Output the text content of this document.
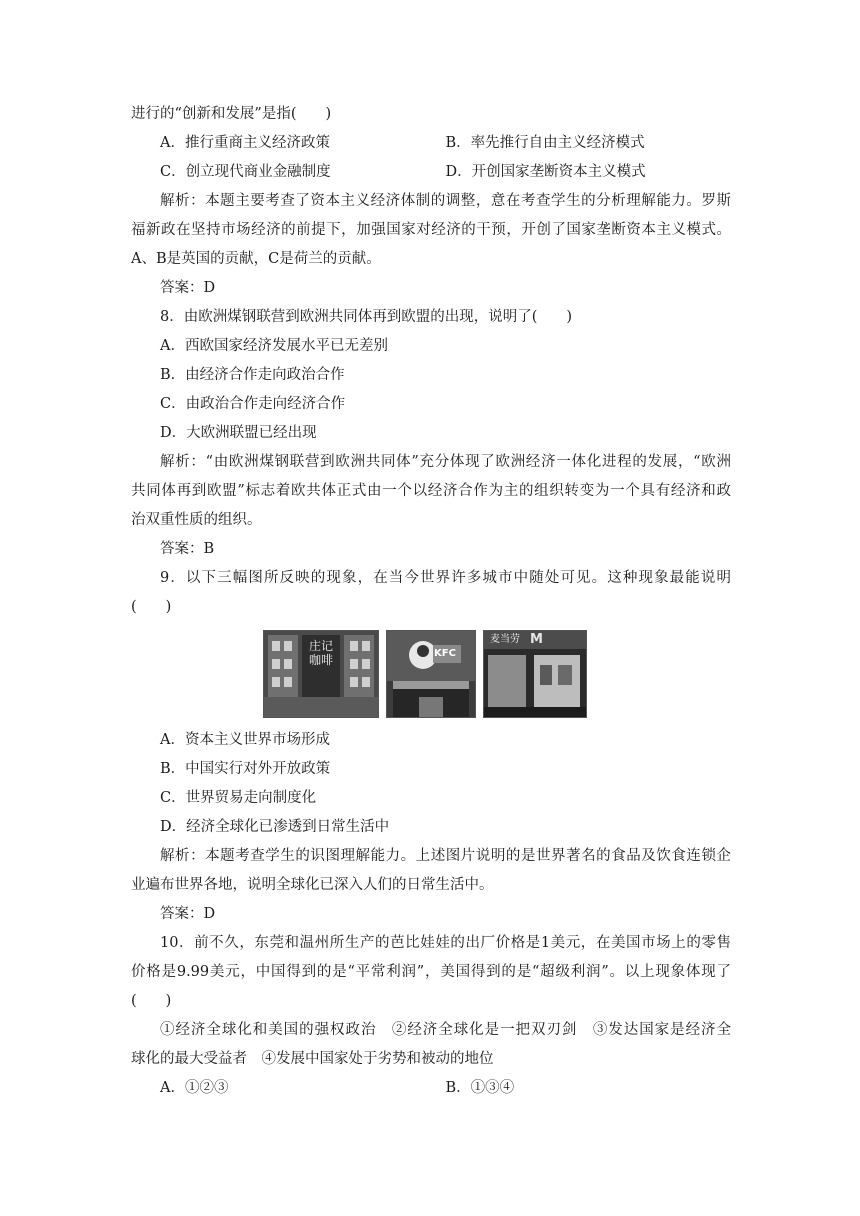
进行的“创新和发展”是指(　　)
A．推行重商主义经济政策	B．率先推行自由主义经济模式
C．创立现代商业金融制度	D．开创国家垄断资本主义模式
解析：本题主要考查了资本主义经济体制的调整，意在考查学生的分析理解能力。罗斯
福新政在坚持市场经济的前提下，加强国家对经济的干预，开创了国家垄断资本主义模式。
A、B是英国的贡献，C是荷兰的贡献。
答案：D
8．由欧洲煤钢联营到欧洲共同体再到欧盟的出现，说明了(　　)
A．西欧国家经济发展水平已无差别
B．由经济合作走向政治合作
C．由政治合作走向经济合作
D．大欧洲联盟已经出现
解析：“由欧洲煤钢联营到欧洲共同体”充分体现了欧洲经济一体化进程的发展，“欧洲
共同体再到欧盟”标志着欧共体正式由一个以经济合作为主的组织转变为一个具有经济和政
治双重性质的组织。
答案：B
9．以下三幅图所反映的现象，在当今世界许多城市中随处可见。这种现象最能说明
(　　)
庄记咖啡	KFC
麦当劳 M
A．资本主义世界市场形成
B．中国实行对外开放政策
C．世界贸易走向制度化
D．经济全球化已渗透到日常生活中
解析：本题考查学生的识图理解能力。上述图片说明的是世界著名的食品及饮食连锁企
业遍布世界各地，说明全球化已深入人们的日常生活中。
答案：D
10．前不久，东莞和温州所生产的芭比娃娃的出厂价格是1美元，在美国市场上的零售
价格是9.99美元，中国得到的是“平常利润”，美国得到的是“超级利润”。以上现象体现了
(　　)
①经济全球化和美国的强权政治　②经济全球化是一把双刃剑　③发达国家是经济全
球化的最大受益者　④发展中国家处于劣势和被动的地位
A．①②③	B．①③④
